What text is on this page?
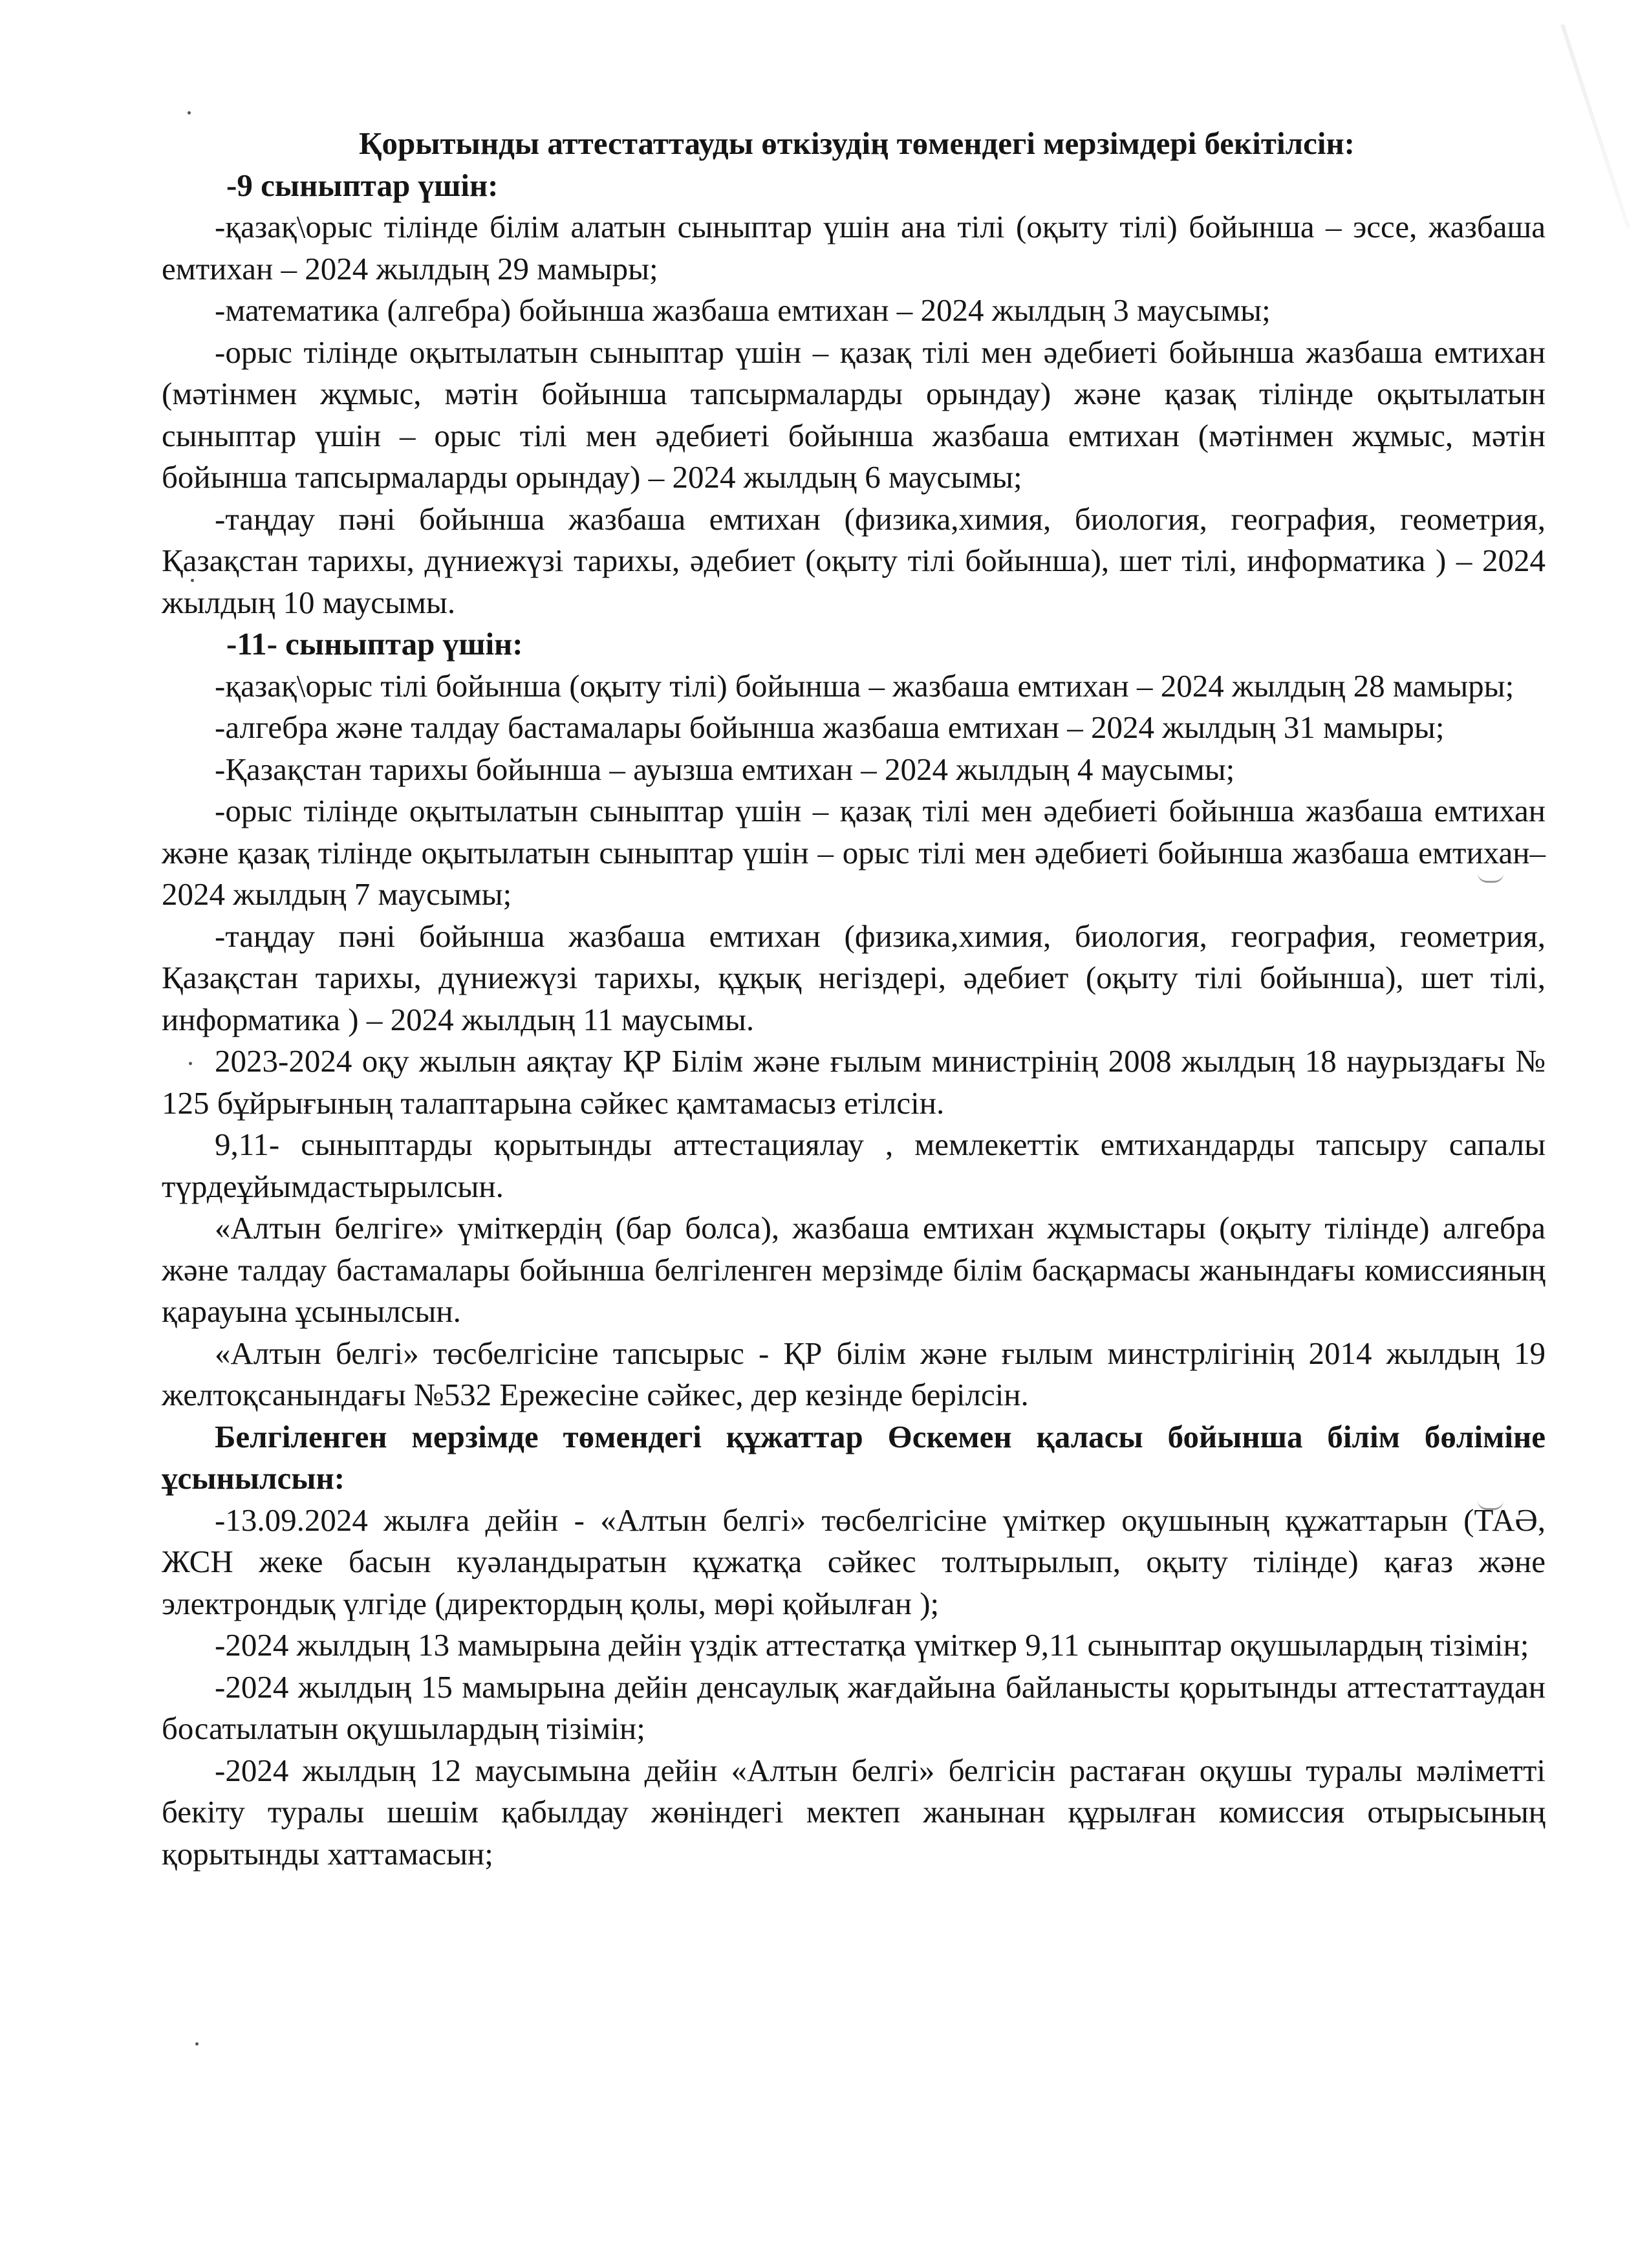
Қорытынды аттестаттауды өткізудің төмендегі мерзімдері бекітілсін:

-9 сыныптар үшін:

-қазақ\орыс тілінде білім алатын сыныптар үшін ана тілі (оқыту тілі) бойынша – эссе, жазбаша емтихан – 2024 жылдың 29 мамыры;

-математика (алгебра) бойынша жазбаша емтихан – 2024 жылдың 3 маусымы;

-орыс тілінде оқытылатын сыныптар үшін – қазақ тілі мен әдебиеті бойынша жазбаша емтихан (мәтінмен жұмыс, мәтін бойынша тапсырмаларды орындау) және қазақ тілінде оқытылатын сыныптар үшін – орыс тілі мен әдебиеті бойынша жазбаша емтихан (мәтінмен жұмыс, мәтін бойынша тапсырмаларды орындау) – 2024 жылдың 6 маусымы;

-таңдау пәні бойынша жазбаша емтихан (физика,химия, биология, география, геометрия, Қазақстан тарихы, дүниежүзі тарихы, әдебиет (оқыту тілі бойынша), шет тілі, информатика ) – 2024 жылдың 10 маусымы.

-11- сыныптар үшін:

-қазақ\орыс тілі бойынша (оқыту тілі) бойынша – жазбаша емтихан – 2024 жылдың 28 мамыры;

-алгебра және талдау бастамалары бойынша жазбаша емтихан – 2024 жылдың 31 мамыры;

-Қазақстан тарихы бойынша – ауызша емтихан – 2024 жылдың 4 маусымы;

-орыс тілінде оқытылатын сыныптар үшін – қазақ тілі мен әдебиеті бойынша жазбаша емтихан және қазақ тілінде оқытылатын сыныптар үшін – орыс тілі мен әдебиеті бойынша жазбаша емтихан– 2024 жылдың 7 маусымы;

-таңдау пәні бойынша жазбаша емтихан (физика,химия, биология, география, геометрия, Қазақстан тарихы, дүниежүзі тарихы, құқық негіздері, әдебиет (оқыту тілі бойынша), шет тілі, информатика ) – 2024 жылдың 11 маусымы.

2023-2024 оқу жылын аяқтау ҚР Білім және ғылым министрінің 2008 жылдың 18 наурыздағы № 125 бұйрығының талаптарына сәйкес қамтамасыз етілсін.

9,11- сыныптарды қорытынды аттестациялау , мемлекеттік емтихандарды тапсыру сапалы түрдеұйымдастырылсын.

«Алтын белгіге» үміткердің (бар болса), жазбаша емтихан жұмыстары (оқыту тілінде) алгебра және талдау бастамалары бойынша белгіленген мерзімде білім басқармасы жанындағы комиссияның қарауына ұсынылсын.

«Алтын белгі» төсбелгісіне тапсырыс - ҚР білім және ғылым минстрлігінің 2014 жылдың 19 желтоқсанындағы №532 Ережесіне сәйкес, дер кезінде берілсін.

Белгіленген мерзімде төмендегі құжаттар Өскемен қаласы бойынша білім бөліміне ұсынылсын:

-13.09.2024 жылға дейін - «Алтын белгі» төсбелгісіне үміткер оқушының құжаттарын (ТАӘ, ЖСН жеке басын куәландыратын құжатқа сәйкес толтырылып, оқыту тілінде) қағаз және электрондық үлгіде (директордың қолы, мөрі қойылған );

-2024 жылдың 13 мамырына дейін үздік аттестатқа үміткер 9,11 сыныптар оқушылардың тізімін;

-2024 жылдың 15 мамырына дейін денсаулық жағдайына байланысты қорытынды аттестаттаудан босатылатын оқушылардың тізімін;

-2024 жылдың 12 маусымына дейін «Алтын белгі» белгісін растаған оқушы туралы мәліметті бекіту туралы шешім қабылдау жөніндегі мектеп жанынан құрылған комиссия отырысының қорытынды хаттамасын;
